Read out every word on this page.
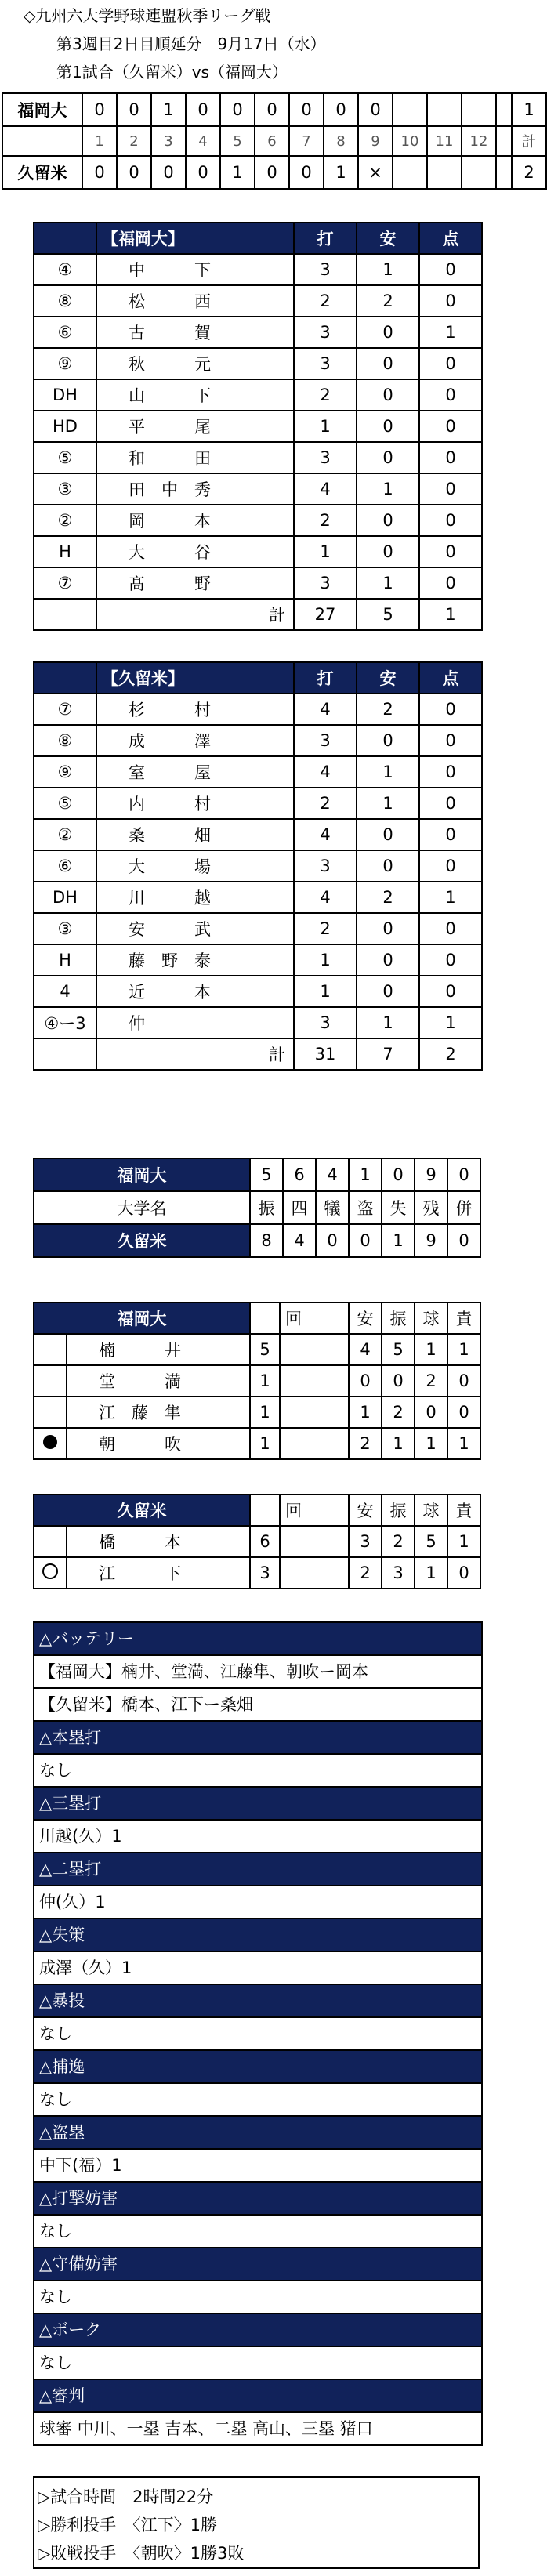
◇九州六大学野球連盟秋季リーグ戦
第3週目2日目順延分　9月17日（水）
第1試合（久留米）vs（福岡大）
福岡大	0	0	1	0	0	0	0	0	0					1
	1	2	3	4	5	6	7	8	9	10	11	12		計
久留米	0	0	0	0	1	0	0	1	×					2
	【福岡大】	打	安	点
④	中　　　下	3	1	0
⑧	松　　　西	2	2	0
⑥	古　　　賀	3	0	1
⑨	秋　　　元	3	0	0
DH	山　　　下	2	0	0
HD	平　　　尾	1	0	0
⑤	和　　　田	3	0	0
③	田　中　秀	4	1	0
②	岡　　　本	2	0	0
H	大　　　谷	1	0	0
⑦	髙　　　野	3	1	0
	計	27	5	1
	【久留米】	打	安	点
⑦	杉　　　村	4	2	0
⑧	成　　　澤	3	0	0
⑨	室　　　屋	4	1	0
⑤	内　　　村	2	1	0
②	桑　　　畑	4	0	0
⑥	大　　　場	3	0	0
DH	川　　　越	4	2	1
③	安　　　武	2	0	0
H	藤　野　泰	1	0	0
4	近　　　本	1	0	0
④ー3	仲	3	1	1
	計	31	7	2
福岡大	5	6	4	1	0	9	0
大学名	振	四	犠	盗	失	残	併
久留米	8	4	0	0	1	9	0
福岡大			回	安	振	球	責
	楠　　　井	5		4	5	1	1
	堂　　　満	1		0	0	2	0
	江　藤　隼	1		1	2	0	0
	朝　　　吹	1		2	1	1	1
久留米			回	安	振	球	責
	橋　　　本	6		3	2	5	1
	江　　　下	3		2	3	1	0
△バッテリー
【福岡大】楠井、堂満、江藤隼、朝吹ー岡本
【久留米】橋本、江下ー桑畑
△本塁打
なし
△三塁打
川越(久）1
△二塁打
仲(久）1
△失策
成澤（久）1
△暴投
なし
△捕逸
なし
△盗塁
中下(福）1
△打撃妨害
なし
△守備妨害
なし
△ボーク
なし
△審判
球審 中川、一塁 吉本、二塁 高山、三塁 猪口
▷試合時間　2時間22分
▷勝利投手　〈江下〉1勝
▷敗戦投手　〈朝吹〉1勝3敗
